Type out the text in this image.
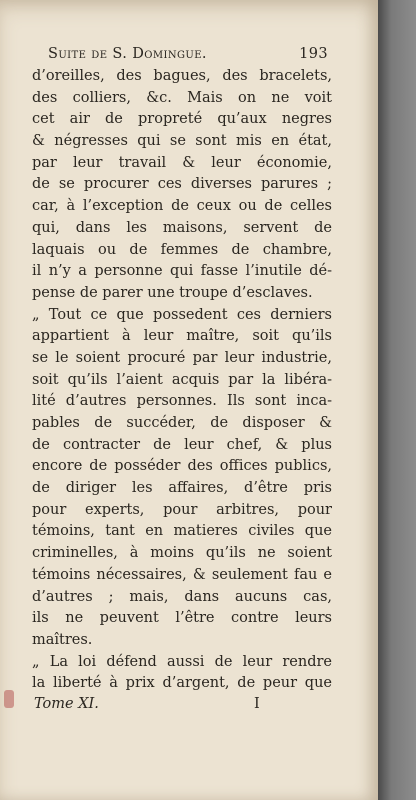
Suite de S. Domingue.	193
d’oreilles, des bagues, des bracelets,
des colliers, &c. Mais on ne voit
cet air de propreté qu’aux negres
& négresses qui se sont mis en état,
par leur travail & leur économie,
de se procurer ces diverses parures ;
car, à l’exception de ceux ou de celles
qui, dans les maisons, servent de
laquais ou de femmes de chambre,
il n’y a personne qui fasse l’inutile dé-
pense de parer une troupe d’esclaves.
„ Tout ce que possedent ces derniers
appartient à leur maître, soit qu’ils
se le soient procuré par leur industrie,
soit qu’ils l’aient acquis par la libéra-
lité d’autres personnes. Ils sont inca-
pables de succéder, de disposer &
de contracter de leur chef, & plus
encore de posséder des offices publics,
de diriger les affaires, d’être pris
pour experts, pour arbitres, pour
témoins, tant en matieres civiles que
criminelles, à moins qu’ils ne soient
témoins nécessaires, & seulement fau e
d’autres ; mais, dans aucuns cas,
ils ne peuvent l’être contre leurs
maîtres.
„ La loi défend aussi de leur rendre
la liberté à prix d’argent, de peur que
Tome XI.	I
